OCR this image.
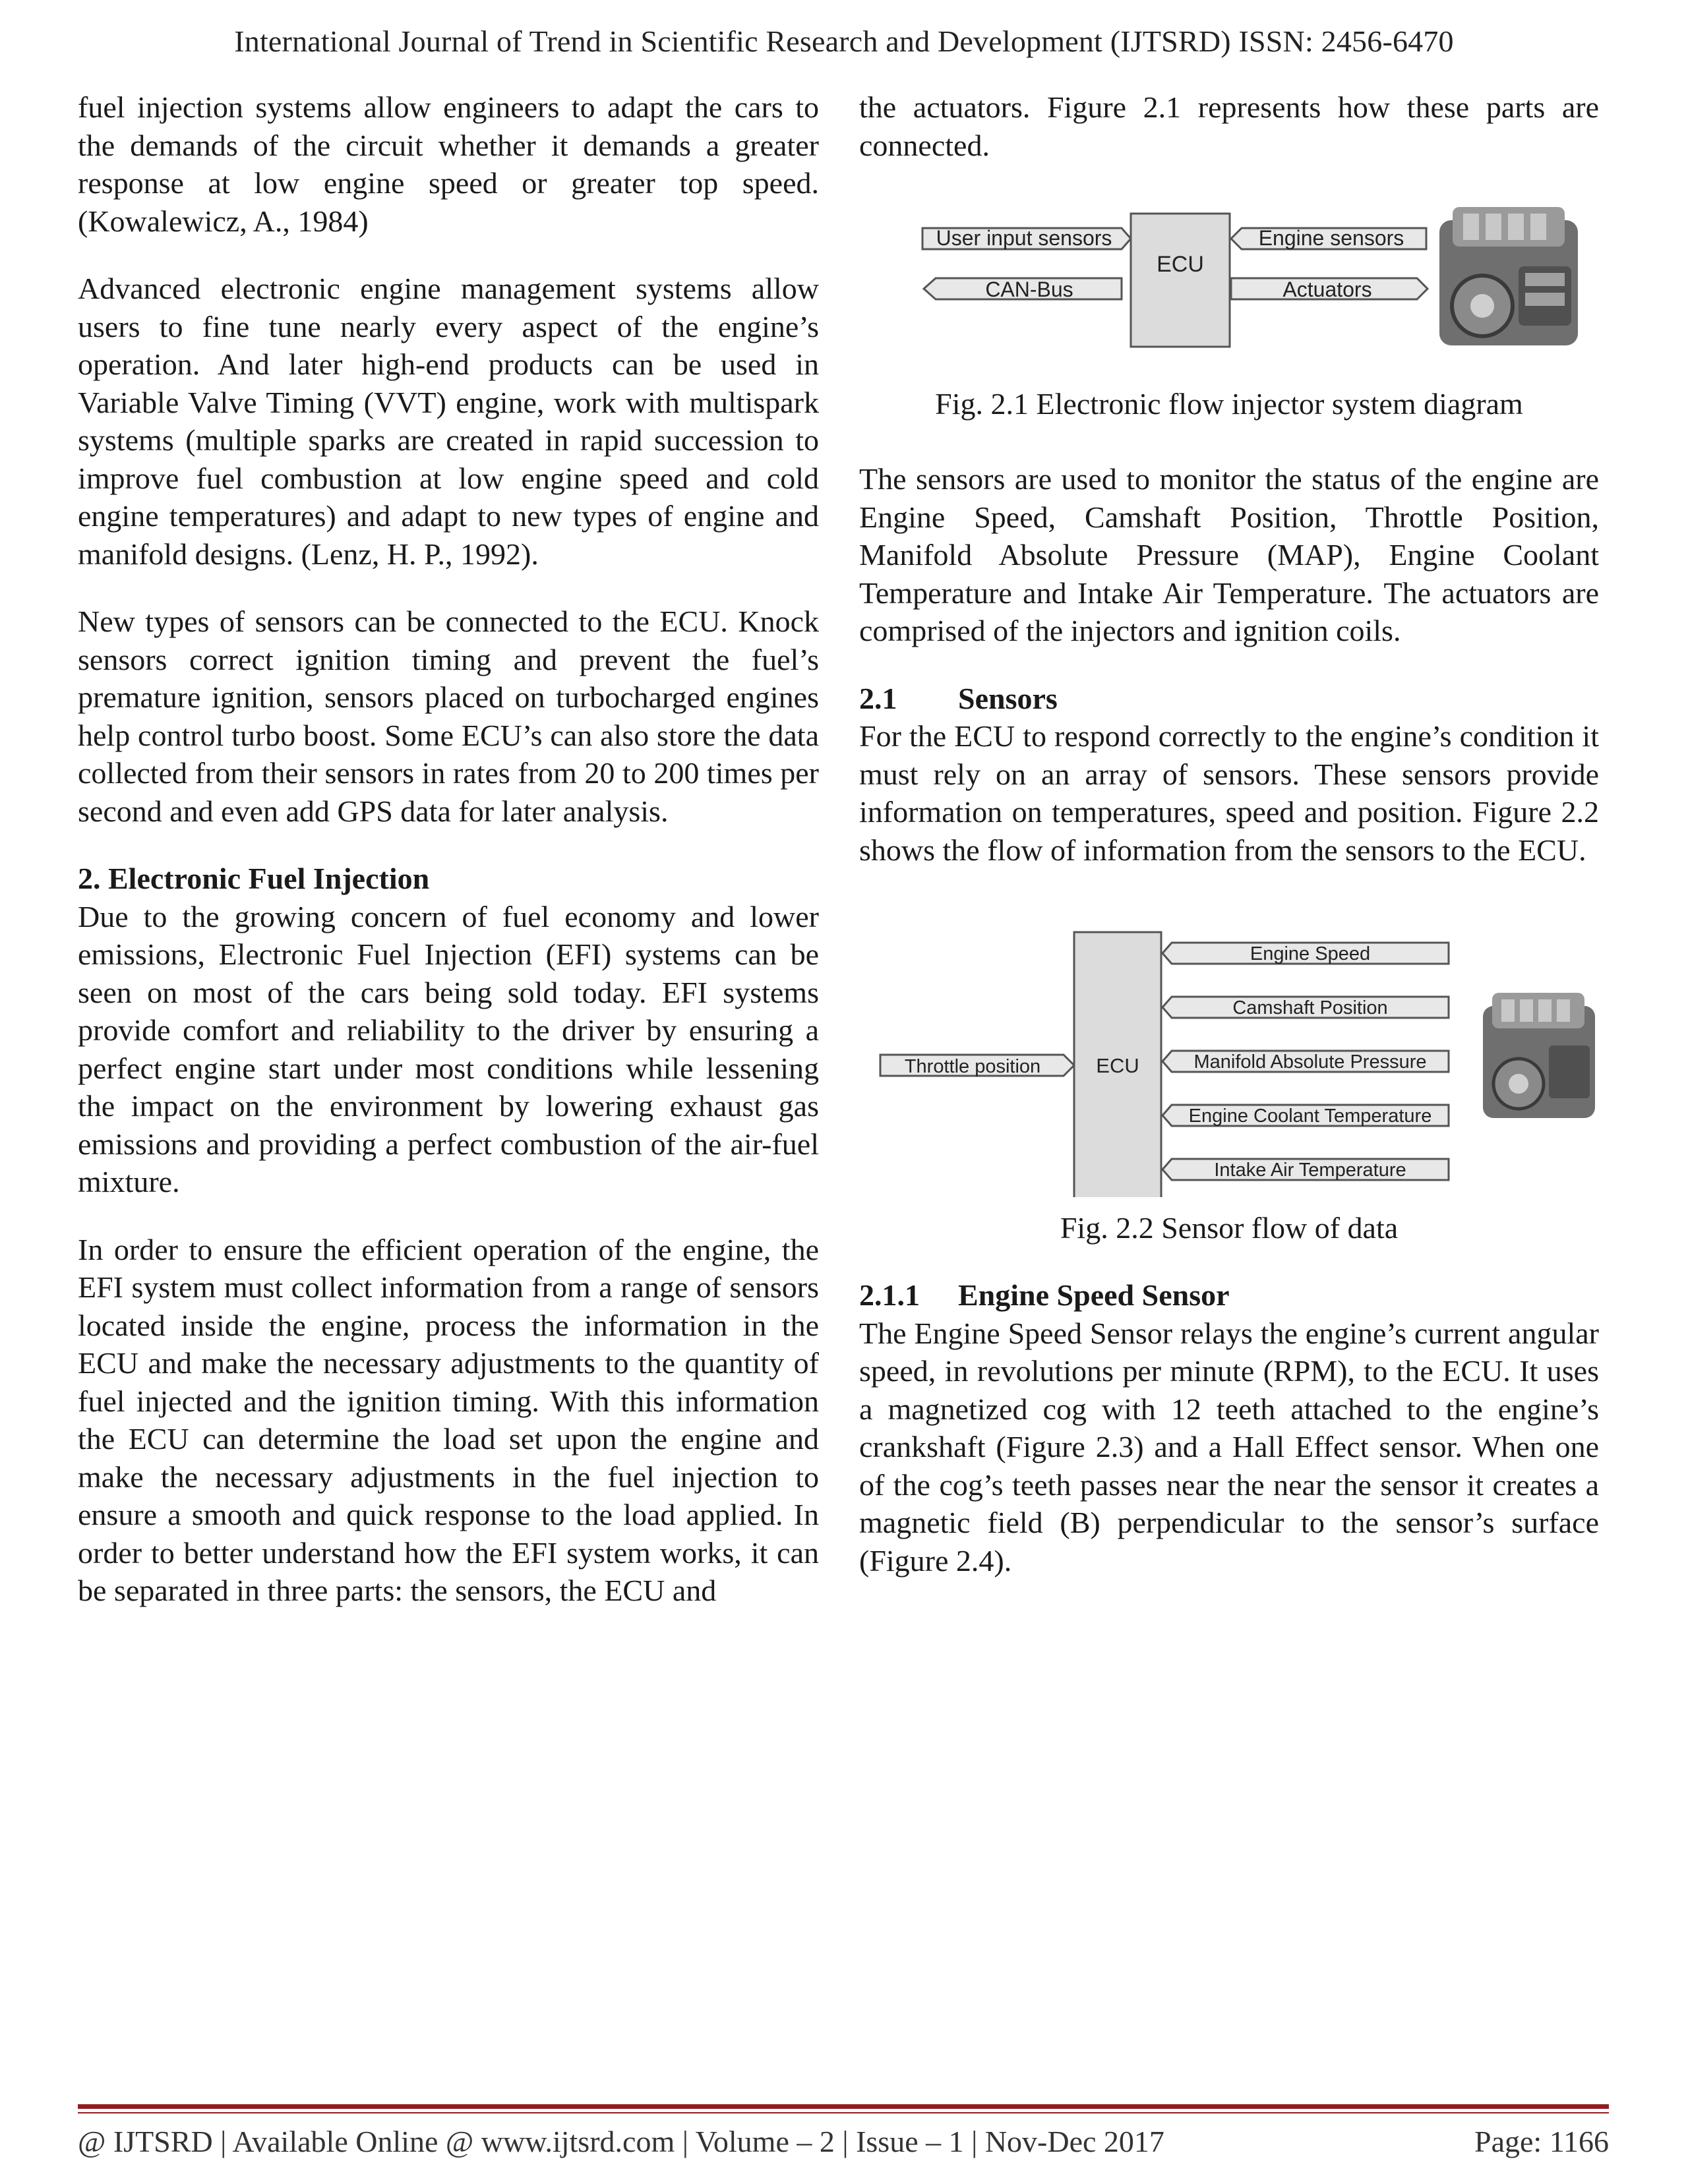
International Journal of Trend in Scientific Research and Development (IJTSRD) ISSN: 2456-6470

fuel injection systems allow engineers to adapt the cars to the demands of the circuit whether it demands a greater response at low engine speed or greater top speed. (Kowalewicz, A., 1984)

Advanced electronic engine management systems allow users to fine tune nearly every aspect of the engine’s operation. And later high-end products can be used in Variable Valve Timing (VVT) engine, work with multispark systems (multiple sparks are created in rapid succession to improve fuel combustion at low engine speed and cold engine temperatures) and adapt to new types of engine and manifold designs. (Lenz, H. P., 1992).

New types of sensors can be connected to the ECU. Knock sensors correct ignition timing and prevent the fuel’s premature ignition, sensors placed on turbocharged engines help control turbo boost. Some ECU’s can also store the data collected from their sensors in rates from 20 to 200 times per second and even add GPS data for later analysis.

2. Electronic Fuel Injection

Due to the growing concern of fuel economy and lower emissions, Electronic Fuel Injection (EFI) systems can be seen on most of the cars being sold today. EFI systems provide comfort and reliability to the driver by ensuring a perfect engine start under most conditions while lessening the impact on the environment by lowering exhaust gas emissions and providing a perfect combustion of the air-fuel mixture.

In order to ensure the efficient operation of the engine, the EFI system must collect information from a range of sensors located inside the engine, process the information in the ECU and make the necessary adjustments to the quantity of fuel injected and the ignition timing. With this information the ECU can determine the load set upon the engine and make the necessary adjustments in the fuel injection to ensure a smooth and quick response to the load applied. In order to better understand how the EFI system works, it can be separated in three parts: the sensors, the ECU and

the actuators. Figure 2.1 represents how these parts are connected.

User input sensors
CAN-Bus
ECU
Engine sensors
Actuators
Fig. 2.1 Electronic flow injector system diagram

The sensors are used to monitor the status of the engine are Engine Speed, Camshaft Position, Throttle Position, Manifold Absolute Pressure (MAP), Engine Coolant Temperature and Intake Air Temperature. The actuators are comprised of the injectors and ignition coils.

2.1 Sensors

For the ECU to respond correctly to the engine’s condition it must rely on an array of sensors. These sensors provide information on temperatures, speed and position. Figure 2.2 shows the flow of information from the sensors to the ECU.

Throttle position	ECU
Engine Speed
Camshaft Position
Manifold Absolute Pressure
Engine Coolant Temperature
Intake Air Temperature
Fig. 2.2 Sensor flow of data
2.1.1 Engine Speed Sensor

The Engine Speed Sensor relays the engine’s current angular speed, in revolutions per minute (RPM), to the ECU. It uses a magnetized cog with 12 teeth attached to the engine’s crankshaft (Figure 2.3) and a Hall Effect sensor. When one of the cog’s teeth passes near the near the sensor it creates a magnetic field (B) perpendicular to the sensor’s surface (Figure 2.4).

@ IJTSRD | Available Online @ www.ijtsrd.com | Volume – 2 | Issue – 1 | Nov-Dec 2017	Page: 1166
